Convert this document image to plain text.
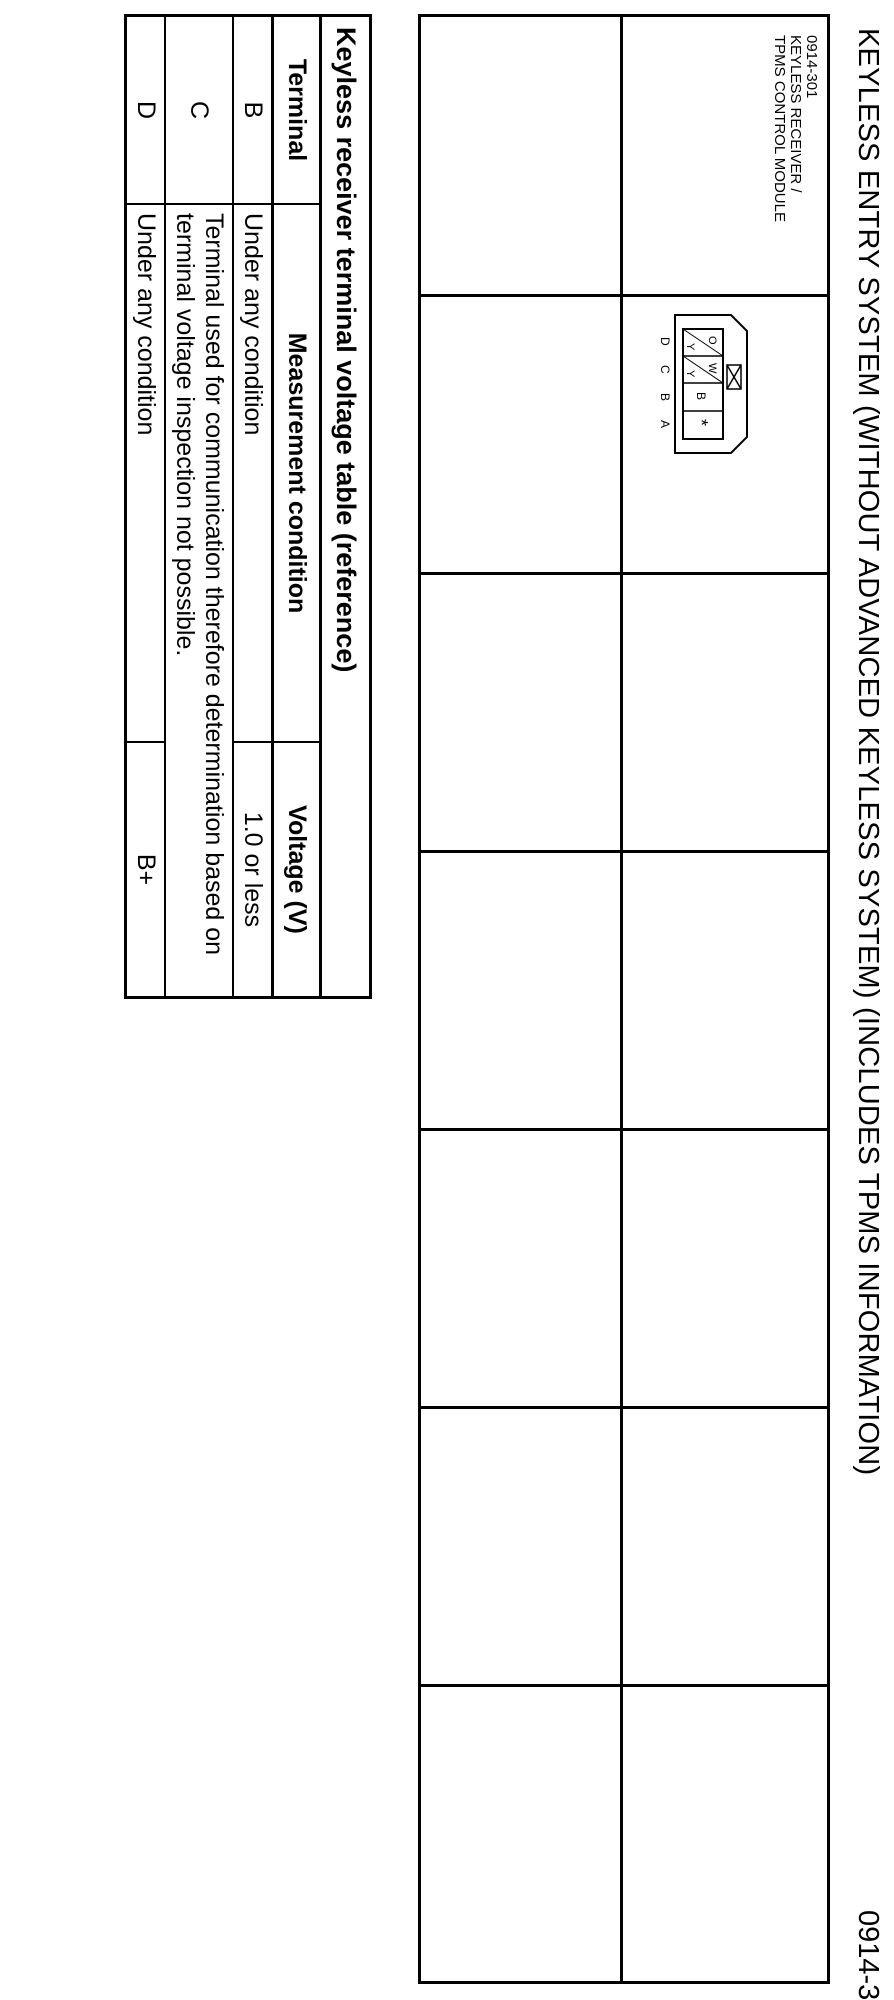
KEYLESS ENTRY SYSTEM (WITHOUT ADVANCED KEYLESS SYSTEM) (INCLUDES TPMS INFORMATION)
0914-3
0914-301
KEYLESS RECEIVER /
TPMS CONTROL MODULE
O
Y
W
Y
B
*
D
C
B
A
Keyless receiver terminal voltage table (reference)		
Terminal	Measurement condition	Voltage (V)
B	Under any condition	1.0 or less
C	Terminal used for communication therefore determination based on terminal voltage inspection not possible.	
D	Under any condition	B+
